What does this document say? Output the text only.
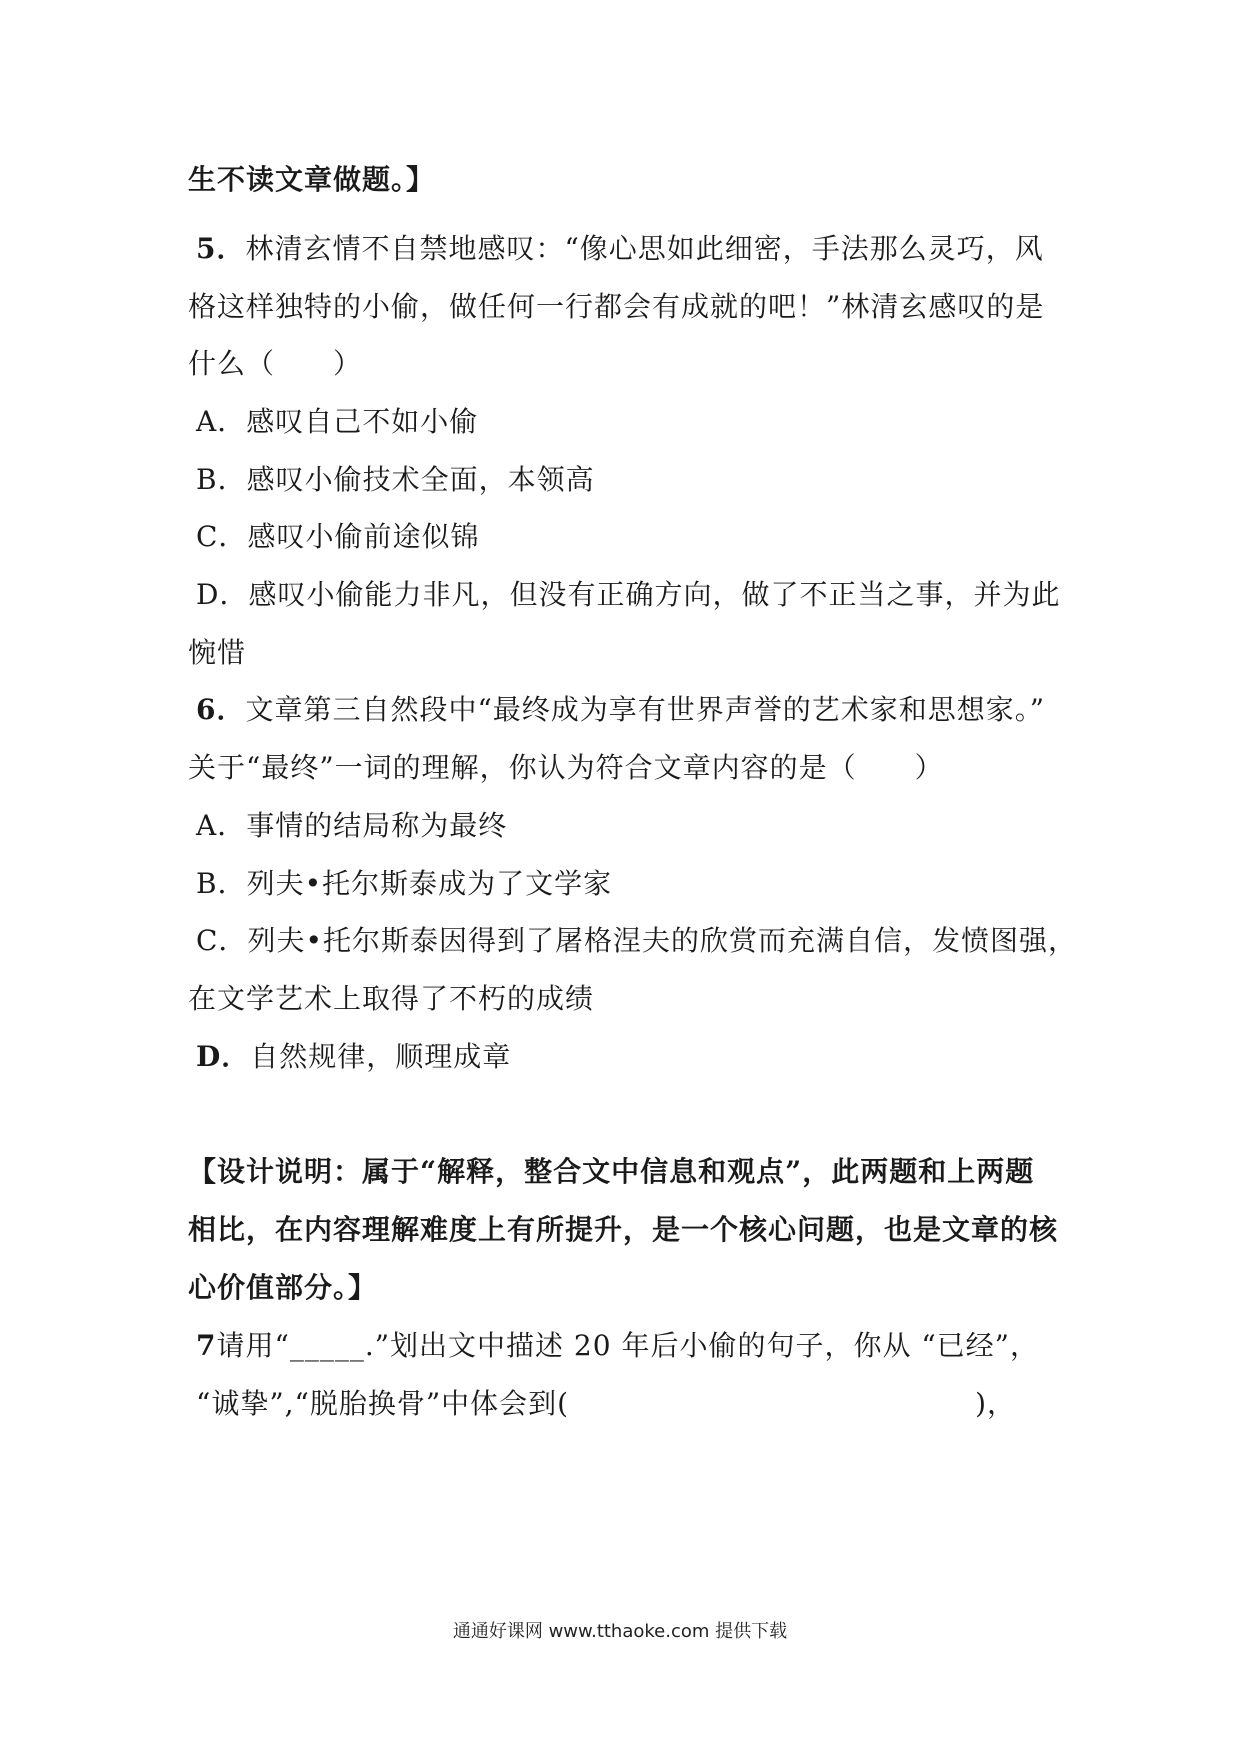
生不读文章做题。】
5．林清玄情不自禁地感叹：“像心思如此细密，手法那么灵巧，风
格这样独特的小偷，做任何一行都会有成就的吧！”林清玄感叹的是
什么（　　）
A．感叹自己不如小偷
B．感叹小偷技术全面，本领高
C．感叹小偷前途似锦
D．感叹小偷能力非凡，但没有正确方向，做了不正当之事，并为此
惋惜
6．文章第三自然段中“最终成为享有世界声誉的艺术家和思想家。”
关于“最终”一词的理解，你认为符合文章内容的是（　　）
A．事情的结局称为最终
B．列夫•托尔斯泰成为了文学家
C．列夫•托尔斯泰因得到了屠格涅夫的欣赏而充满自信，发愤图强，
在文学艺术上取得了不朽的成绩
D．自然规律，顺理成章
【设计说明：属于“解释，整合文中信息和观点”，此两题和上两题
相比，在内容理解难度上有所提升，是一个核心问题，也是文章的核
心价值部分。】
7请用“_____.”划出文中描述 20 年后小偷的句子，你从 “已经”，
“诚挚”,“脱胎换骨”中体会到(　　　　　　　　　　　　　　)，
通通好课网 www.tthaoke.com 提供下载
